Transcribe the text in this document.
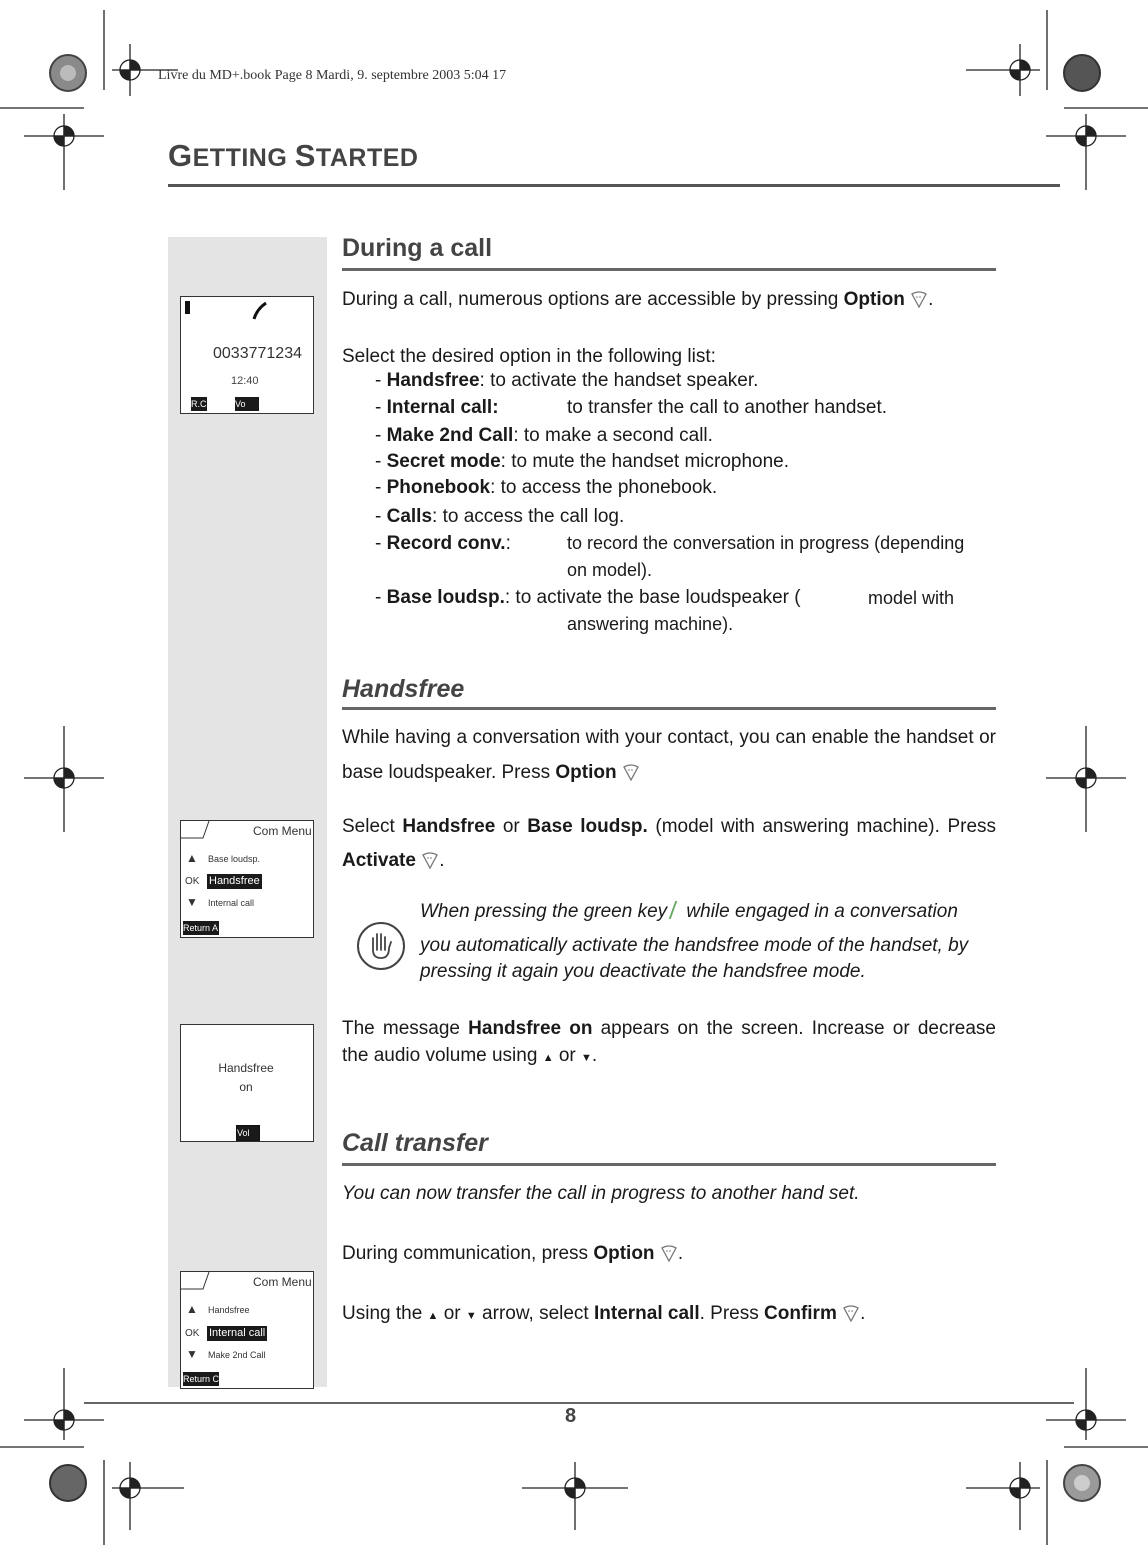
Livre du MD+.book Page 8 Mardi, 9. septembre 2003 5:04 17
GETTING STARTED
0033771234
12:40
R.C	Vo
Com Menu
▲ Base loudsp.
OK Handsfree
▼ Internal call
Return A
Handsfree
on
Vol
Com Menu
▲ Handsfree
OK Internal call
▼ Make 2nd Call
Return C
During a call
During a call, numerous options are accessible by pressing Option .
Select the desired option in the following list:
- Handsfree: to activate the handset speaker.
- Internal call:	to transfer the call to another handset.
- Make 2nd Call: to make a second call.
- Secret mode: to mute the handset microphone.
- Phonebook: to access the phonebook.
- Calls: to access the call log.
- Record conv.:	to record the conversation in progress (depending
on model).
- Base loudsp.: to activate the base loudspeaker (	model with
answering machine).
Handsfree
While having a conversation with your contact, you can enable the handset or base loudspeaker. Press Option
Select Handsfree or Base loudsp. (model with answering machine). Press Activate .
When pressing the green key while engaged in a conversation
you automatically activate the handsfree mode of the handset, by
pressing it again you deactivate the handsfree mode.
The message Handsfree on appears on the screen. Increase or decrease the audio volume using ▲ or ▼.
Call transfer
You can now transfer the call in progress to another hand set.
During communication, press Option .
Using the ▲ or ▼ arrow, select Internal call. Press Confirm .
8
